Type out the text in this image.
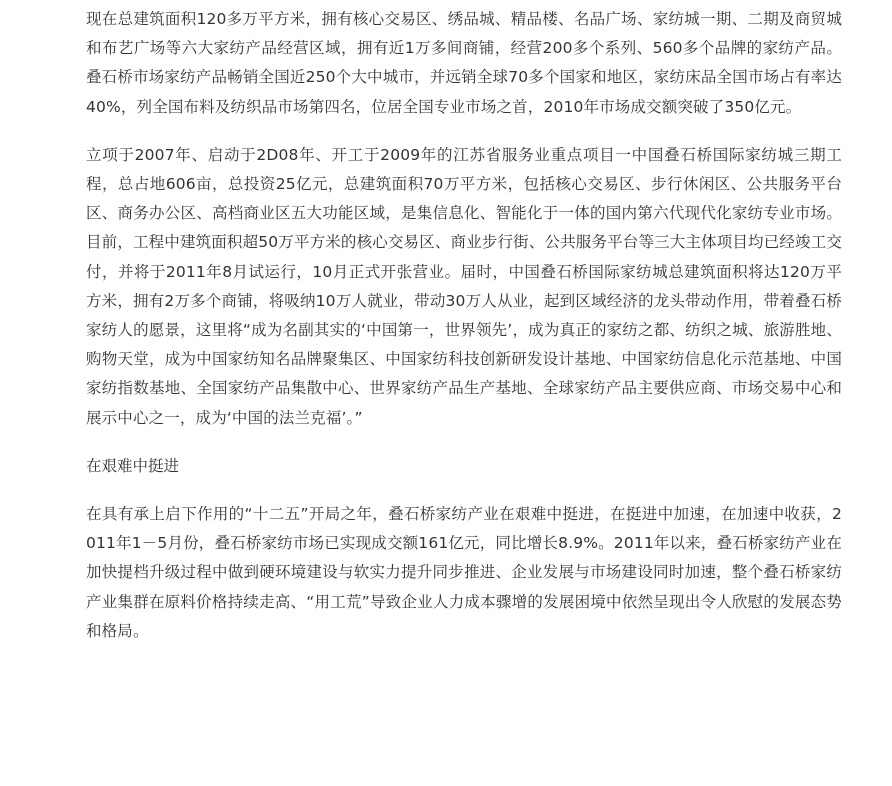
现在总建筑面积120多万平方米，拥有核心交易区、绣品城、精品楼、名品广场、家纺城一期、二期及商贸城和布艺广场等六大家纺产品经营区域，拥有近1万多间商铺，经营200多个系列、560多个品牌的家纺产品。叠石桥市场家纺产品畅销全国近250个大中城市，并远销全球70多个国家和地区，家纺床品全国市场占有率达40%，列全国布料及纺织品市场第四名，位居全国专业市场之首，2010年市场成交额突破了350亿元。

立项于2007年、启动于2D08年、开工于2009年的江苏省服务业重点项目一中国叠石桥国际家纺城三期工程，总占地606亩，总投资25亿元，总建筑面积70万平方米，包括核心交易区、步行休闲区、公共服务平台区、商务办公区、高档商业区五大功能区域，是集信息化、智能化于一体的国内第六代现代化家纺专业市场。目前，工程中建筑面积超50万平方米的核心交易区、商业步行街、公共服务平台等三大主体项目均已经竣工交付，并将于2011年8月试运行，10月正式开张营业。届时，中国叠石桥国际家纺城总建筑面积将达120万平方米，拥有2万多个商铺，将吸纳10万人就业，带动30万人从业，起到区域经济的龙头带动作用，带着叠石桥家纺人的愿景，这里将“成为名副其实的‘中国第一，世界领先’，成为真正的家纺之都、纺织之城、旅游胜地、购物天堂，成为中国家纺知名品牌聚集区、中国家纺科技创新研发设计基地、中国家纺信息化示范基地、中国家纺指数基地、全国家纺产品集散中心、世界家纺产品生产基地、全球家纺产品主要供应商、市场交易中心和展示中心之一，成为‘中国的法兰克福’。”

在艰难中挺进

在具有承上启下作用的“十二五”开局之年，叠石桥家纺产业在艰难中挺进，在挺进中加速，在加速中收获，2011年1－5月份，叠石桥家纺市场已实现成交额161亿元，同比增长8.9%。2011年以来，叠石桥家纺产业在加快提档升级过程中做到硬环境建设与软实力提升同步推进、企业发展与市场建设同时加速，整个叠石桥家纺产业集群在原料价格持续走高、“用工荒”导致企业人力成本骤增的发展困境中依然呈现出令人欣慰的发展态势和格局。
